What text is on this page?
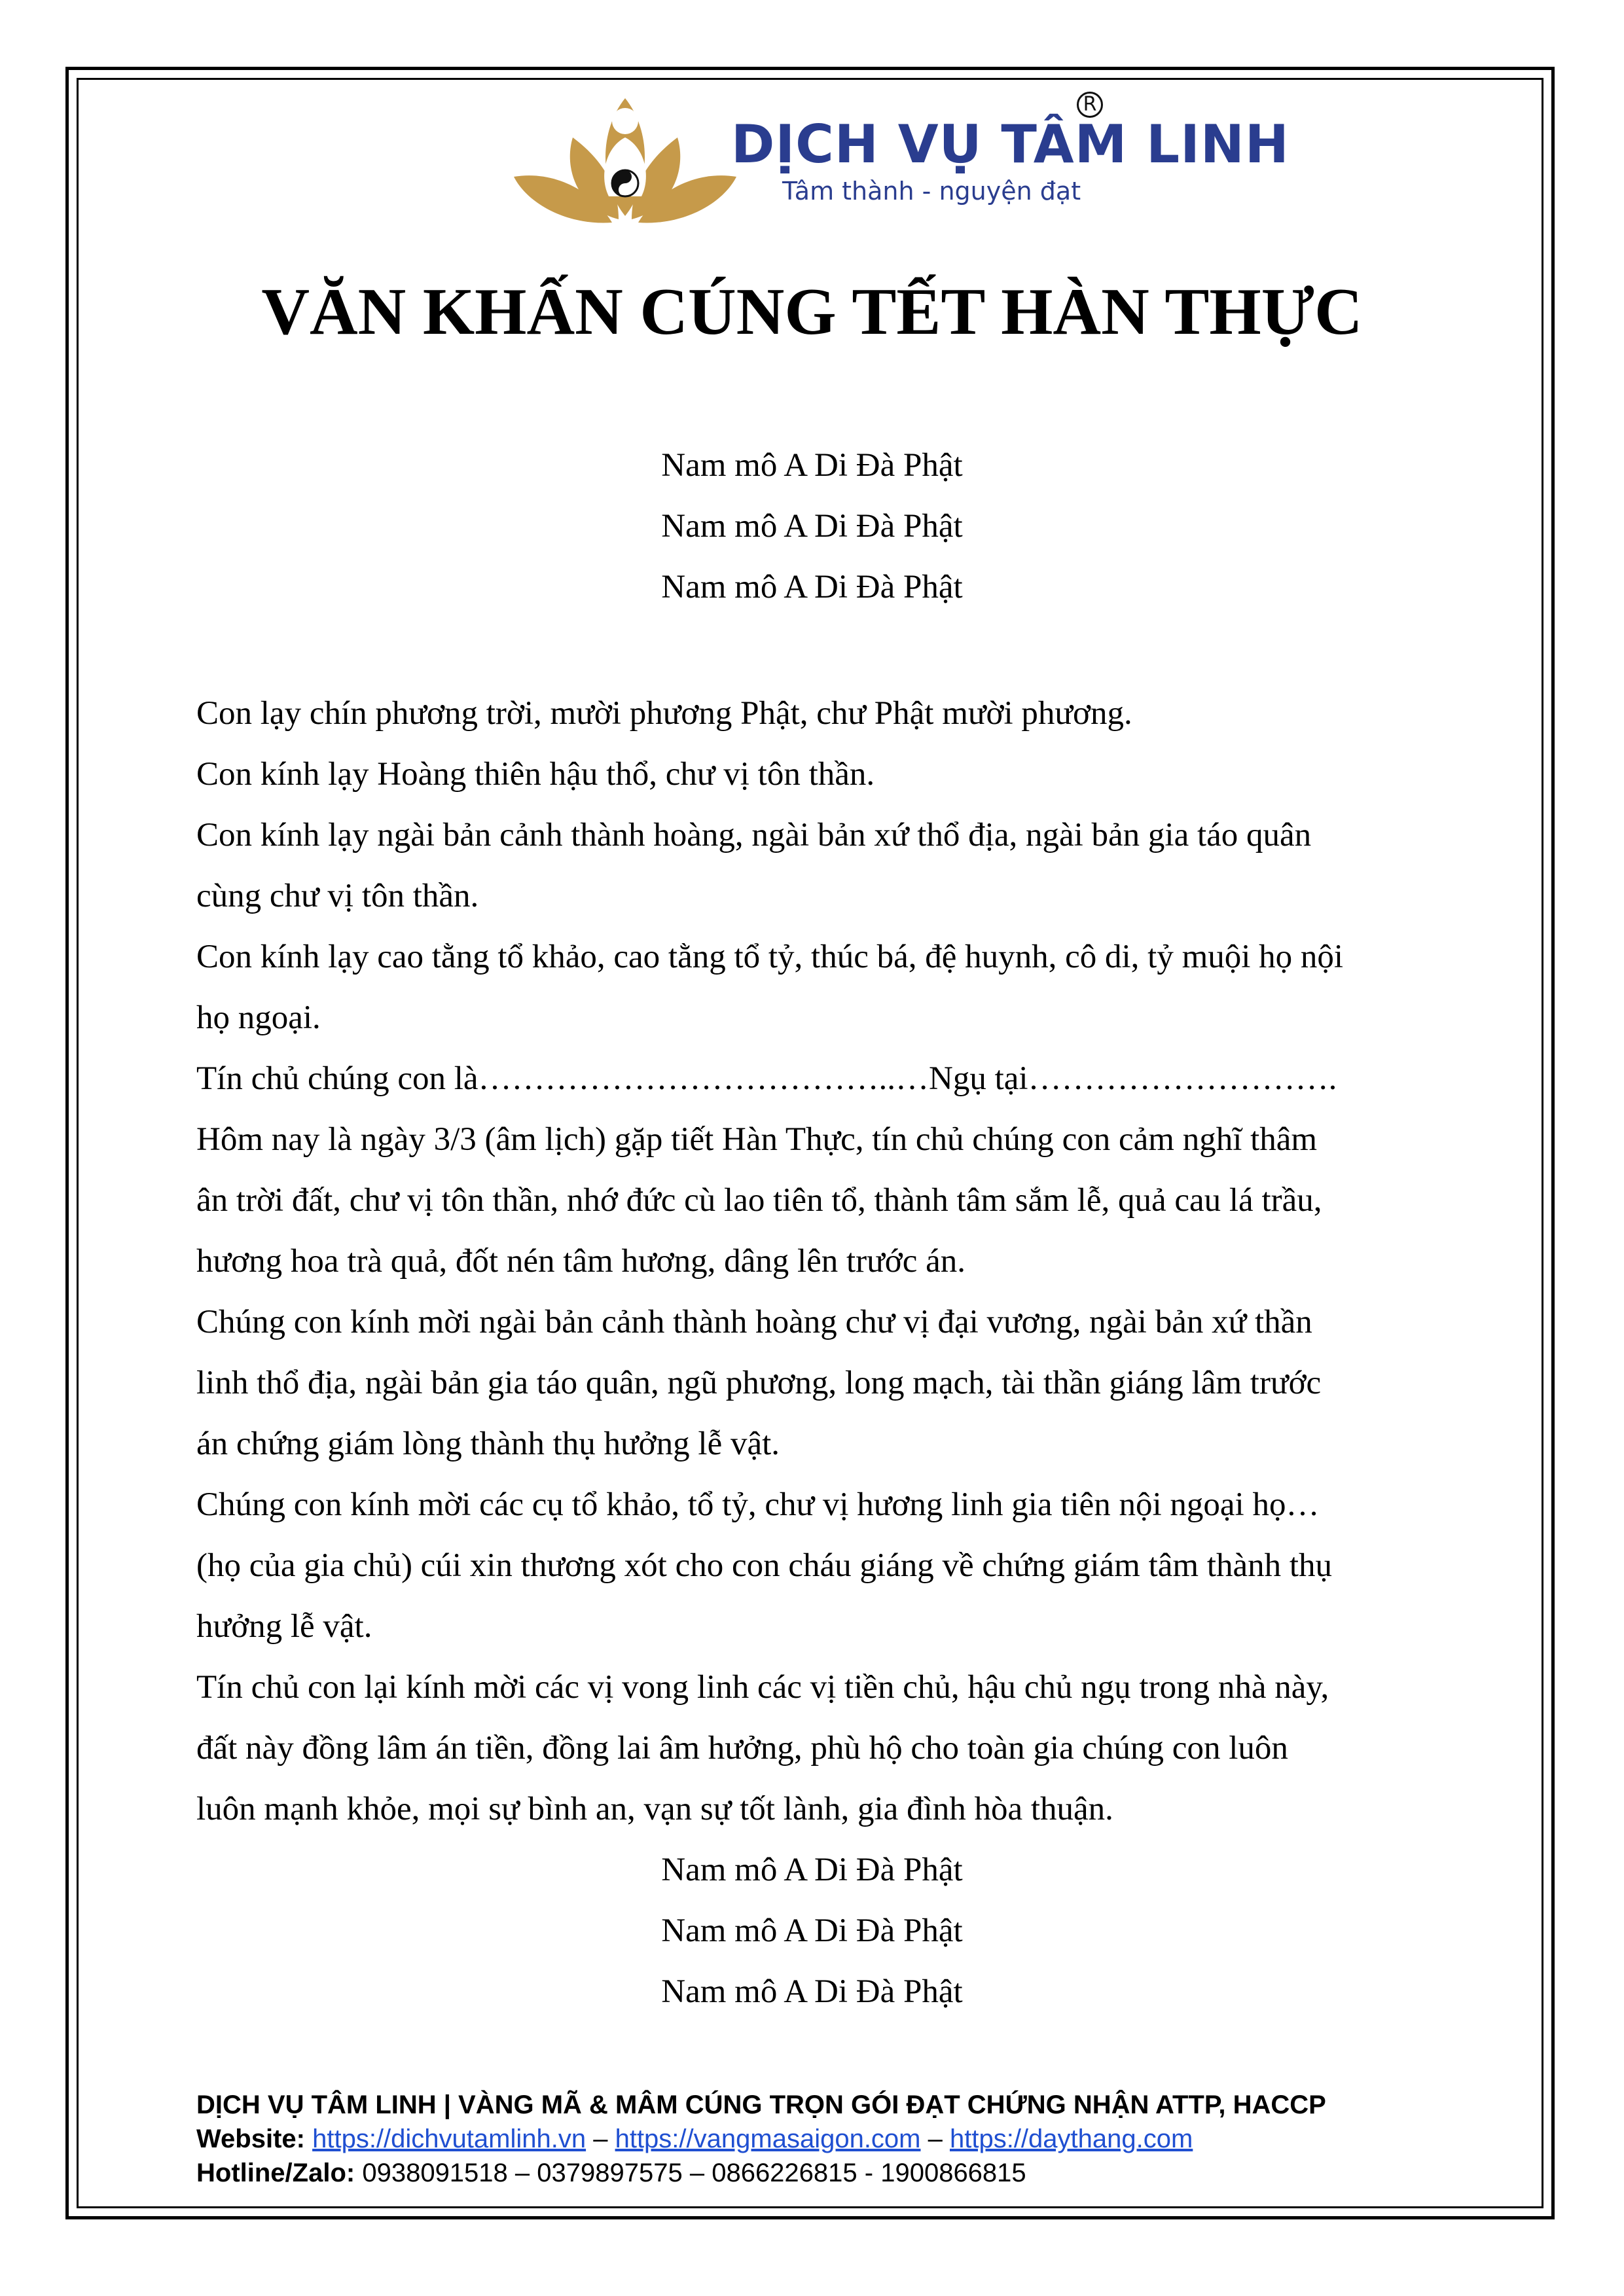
DỊCH VỤ TÂM LINH
R
Tâm thành - nguyện đạt
VĂN KHẤN CÚNG TẾT HÀN THỰC
Nam mô A Di Đà Phật
Nam mô A Di Đà Phật
Nam mô A Di Đà Phật
Con lạy chín phương trời, mười phương Phật, chư Phật mười phương.
Con kính lạy Hoàng thiên hậu thổ, chư vị tôn thần.
Con kính lạy ngài bản cảnh thành hoàng, ngài bản xứ thổ địa, ngài bản gia táo quân
cùng chư vị tôn thần.
Con kính lạy cao tằng tổ khảo, cao tằng tổ tỷ, thúc bá, đệ huynh, cô di, tỷ muội họ nội
họ ngoại.
Tín chủ chúng con là………………………………..…Ngụ tại……………………….
Hôm nay là ngày 3/3 (âm lịch) gặp tiết Hàn Thực, tín chủ chúng con cảm nghĩ thâm
ân trời đất, chư vị tôn thần, nhớ đức cù lao tiên tổ, thành tâm sắm lễ, quả cau lá trầu,
hương hoa trà quả, đốt nén tâm hương, dâng lên trước án.
Chúng con kính mời ngài bản cảnh thành hoàng chư vị đại vương, ngài bản xứ thần
linh thổ địa, ngài bản gia táo quân, ngũ phương, long mạch, tài thần giáng lâm trước
án chứng giám lòng thành thụ hưởng lễ vật.
Chúng con kính mời các cụ tổ khảo, tổ tỷ, chư vị hương linh gia tiên nội ngoại họ…
(họ của gia chủ) cúi xin thương xót cho con cháu giáng về chứng giám tâm thành thụ
hưởng lễ vật.
Tín chủ con lại kính mời các vị vong linh các vị tiền chủ, hậu chủ ngụ trong nhà này,
đất này đồng lâm án tiền, đồng lai âm hưởng, phù hộ cho toàn gia chúng con luôn
luôn mạnh khỏe, mọi sự bình an, vạn sự tốt lành, gia đình hòa thuận.
Nam mô A Di Đà Phật
Nam mô A Di Đà Phật
Nam mô A Di Đà Phật
DỊCH VỤ TÂM LINH | VÀNG MÃ & MÂM CÚNG TRỌN GÓI ĐẠT CHỨNG NHẬN ATTP, HACCP
Website: https://dichvutamlinh.vn – https://vangmasaigon.com – https://daythang.com
Hotline/Zalo: 0938091518 – 0379897575 – 0866226815 - 1900866815
